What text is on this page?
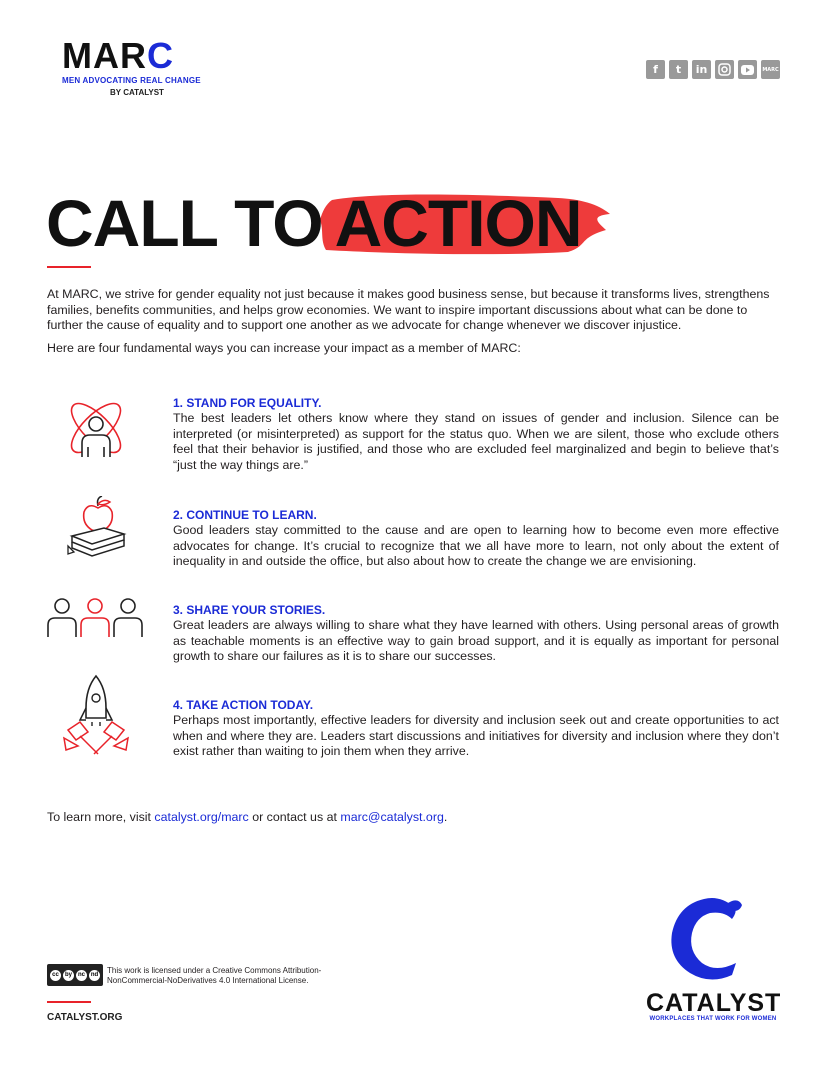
MARC
MEN ADVOCATING REAL CHANGE
BY CATALYST
f	t	in	MARC
CALL TO ACTION

At MARC, we strive for gender equality not just because it makes good business sense, but because it transforms lives, strengthens families, benefits communities, and helps grow economies. We want to inspire important discussions about what can be done to further the cause of equality and to support one another as we advocate for change whenever we discover injustice.

Here are four fundamental ways you can increase your impact as a member of MARC:

1. STAND FOR EQUALITY.

The best leaders let others know where they stand on issues of gender and inclusion. Silence can be interpreted (or misinterpreted) as support for the status quo. When we are silent, those who exclude others feel that their behavior is justified, and those who are excluded feel marginalized and begin to believe that’s “just the way things are.”

2. CONTINUE TO LEARN.

Good leaders stay committed to the cause and are open to learning how to become even more effective advocates for change. It’s crucial to recognize that we all have more to learn, not only about the extent of inequality in and outside the office, but also about how to create the change we are envisioning.

3. SHARE YOUR STORIES.

Great leaders are always willing to share what they have learned with others. Using personal areas of growth as teachable moments is an effective way to gain broad support, and it is equally as important for personal growth to share our failures as it is to share our successes.

4. TAKE ACTION TODAY.

Perhaps most importantly, effective leaders for diversity and inclusion seek out and create opportunities to act when and where they are. Leaders start discussions and initiatives for diversity and inclusion where they don’t exist rather than waiting to join them when they arrive.

To learn more, visit catalyst.org/marc or contact us at marc@catalyst.org.
cc	by nc nd This work is licensed under a Creative Commons Attribution-NonCommercial-NoDerivatives 4.0 International License.
CATALYST.ORG
CATALYST
WORKPLACES THAT WORK FOR WOMEN
